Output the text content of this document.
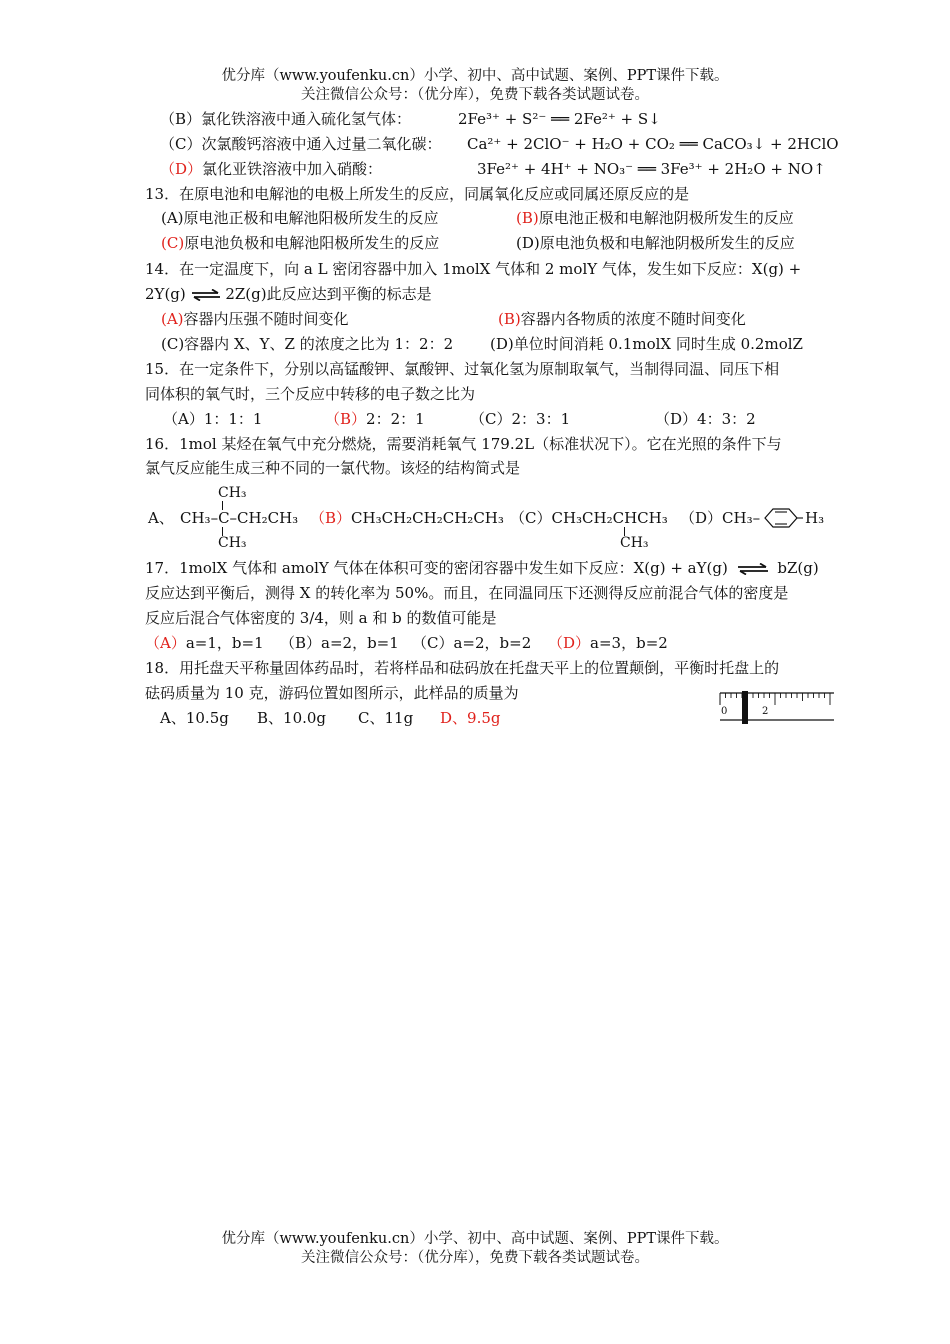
优分库（www.youfenku.cn）小学、初中、高中试题、案例、PPT课件下载。
关注微信公众号：（优分库），免费下载各类试题试卷。
（B）氯化铁溶液中通入硫化氢气体：	2Fe³⁺ + S²⁻ ══ 2Fe²⁺ + S↓
（C）次氯酸钙溶液中通入过量二氧化碳： Ca²⁺ + 2ClO⁻ + H₂O + CO₂ ══ CaCO₃↓ + 2HClO
（D）氯化亚铁溶液中加入硝酸：	3Fe²⁺ + 4H⁺ + NO₃⁻ ══ 3Fe³⁺ + 2H₂O + NO↑
13．在原电池和电解池的电极上所发生的反应，同属氧化反应或同属还原反应的是
(A)原电池正极和电解池阳极所发生的反应	(B)原电池正极和电解池阴极所发生的反应
(C)原电池负极和电解池阳极所发生的反应	(D)原电池负极和电解池阴极所发生的反应
14．在一定温度下，向 a L 密闭容器中加入 1molX 气体和 2 molY 气体，发生如下反应：X(g) +
2Y(g) ⇌ 2Z(g)此反应达到平衡的标志是
(A)容器内压强不随时间变化	(B)容器内各物质的浓度不随时间变化
(C)容器内 X、Y、Z 的浓度之比为 1：2：2 (D)单位时间消耗 0.1molX 同时生成 0.2molZ
15．在一定条件下，分别以高锰酸钾、氯酸钾、过氧化氢为原制取氧气，当制得同温、同压下相
同体积的氧气时，三个反应中转移的电子数之比为
（A）1：1：1	（B）2：2：1	（C）2：3：1	（D）4：3：2
16．1mol 某烃在氧气中充分燃烧，需要消耗氧气 179.2L（标准状况下）。它在光照的条件下与
氯气反应能生成三种不同的一氯代物。该烃的结构简式是
CH₃
A、 CH₃–C–CH₂CH₃
CH₃
（B）CH₃CH₂CH₂CH₂CH₃ （C）CH₃CH₂CHCH₃
CH₃
（D）CH₃–	H₃
17．1molX 气体和 amolY 气体在体积可变的密闭容器中发生如下反应：X(g) + aY(g) ⇌ bZ(g)
反应达到平衡后，测得 X 的转化率为 50%。而且，在同温同压下还测得反应前混合气体的密度是
反应后混合气体密度的 3/4，则 a 和 b 的数值可能是
（A）a=1，b=1 （B）a=2，b=1 （C）a=2，b=2 （D）a=3，b=2
18．用托盘天平称量固体药品时，若将样品和砝码放在托盘天平上的位置颠倒，平衡时托盘上的
砝码质量为 10 克，游码位置如图所示，此样品的质量为
A、10.5g B、10.0g C、11g D、9.5g	0	2
优分库（www.youfenku.cn）小学、初中、高中试题、案例、PPT课件下载。
关注微信公众号：（优分库），免费下载各类试题试卷。
